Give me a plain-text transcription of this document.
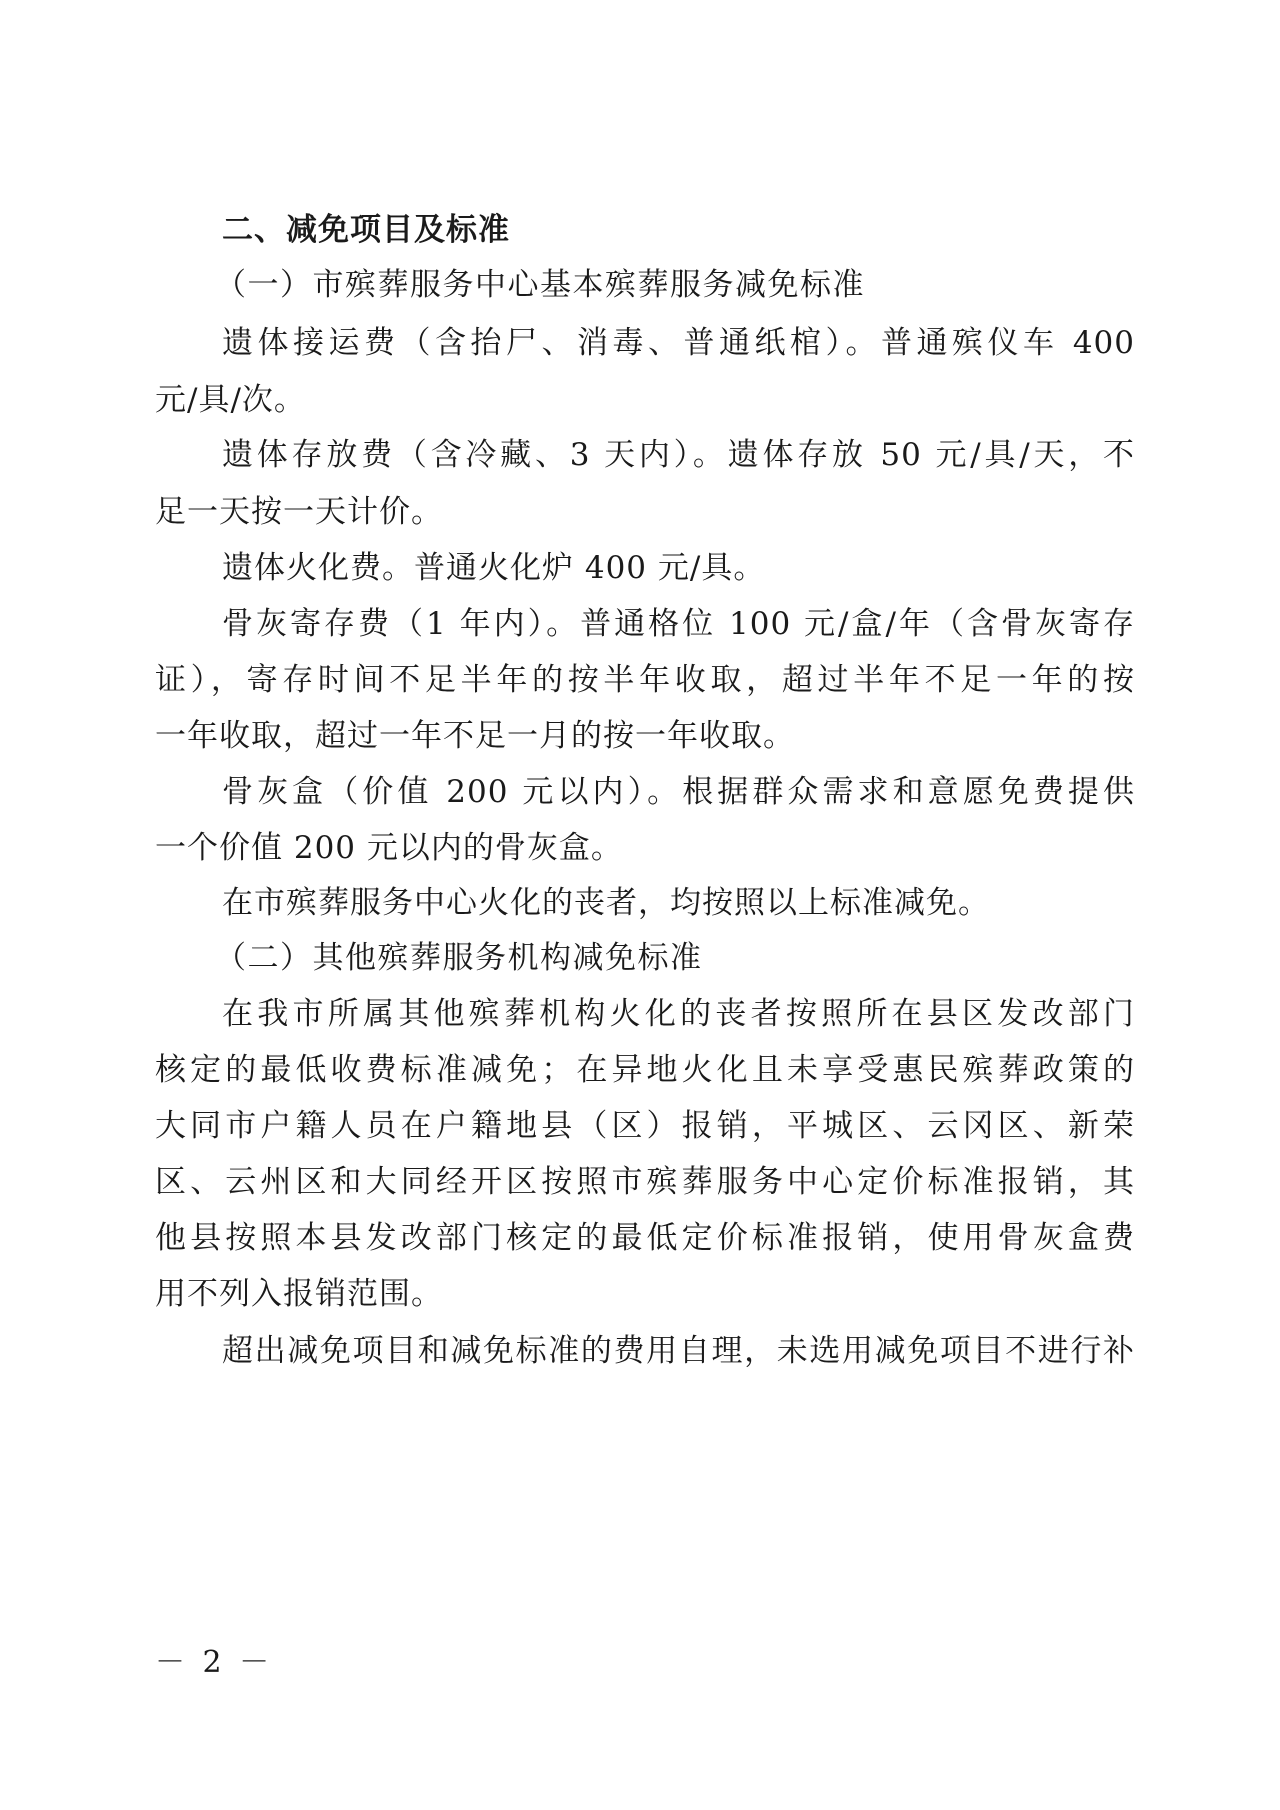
二、减免项目及标准
（一）市殡葬服务中心基本殡葬服务减免标准
遗体接运费（含抬尸、消毒、普通纸棺）。普通殡仪车 400
元/具/次。
遗体存放费（含冷藏、3 天内）。遗体存放 50 元/具/天，不
足一天按一天计价。
遗体火化费。普通火化炉 400 元/具。
骨灰寄存费（1 年内）。普通格位 100 元/盒/年（含骨灰寄存
证），寄存时间不足半年的按半年收取，超过半年不足一年的按
一年收取，超过一年不足一月的按一年收取。
骨灰盒（价值 200 元以内）。根据群众需求和意愿免费提供
一个价值 200 元以内的骨灰盒。
在市殡葬服务中心火化的丧者，均按照以上标准减免。
（二）其他殡葬服务机构减免标准
在我市所属其他殡葬机构火化的丧者按照所在县区发改部门
核定的最低收费标准减免；在异地火化且未享受惠民殡葬政策的
大同市户籍人员在户籍地县（区）报销，平城区、云冈区、新荣
区、云州区和大同经开区按照市殡葬服务中心定价标准报销，其
他县按照本县发改部门核定的最低定价标准报销，使用骨灰盒费
用不列入报销范围。
超出减免项目和减免标准的费用自理，未选用减免项目不进行补
－ 2 －
